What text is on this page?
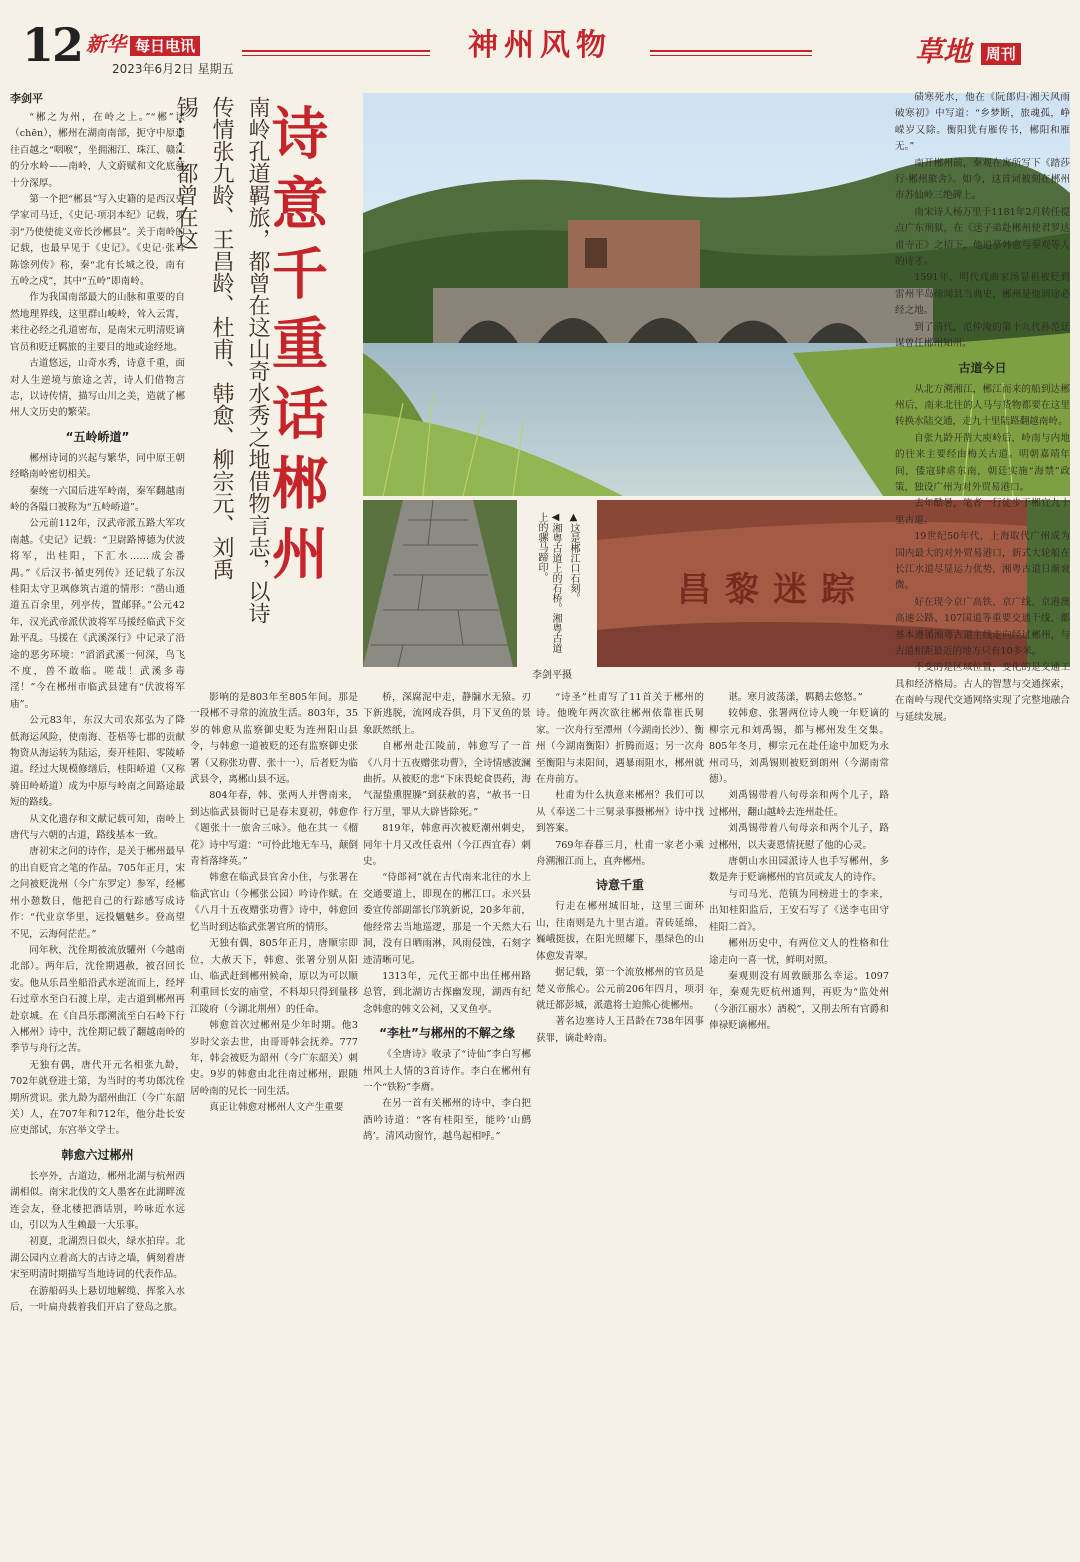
12 新华 每日电讯
2023年6月2日 星期五
神州风物	草地 周刊
诗意千重话郴州
南岭孔道羁旅，都曾在这山奇水秀之地借物言志，以诗传情张九龄、王昌龄、杜甫、韩愈、柳宗元、刘禹锡……都曾在这
▲这是郴江口石刻。
◀湘粤古道上的石桥。湘粤古道上的骡马蹄印。
昌黎迷踪
李剑平摄

李剑平

“郴之为州，在岭之上。”“郴”读（chēn），郴州在湖南南部，扼守中原通往百越之“咽喉”，坐拥湘江、珠江、赣江的分水岭——南岭，人文蔚赋和文化底蕴十分深厚。

第一个把“郴县”写入史籍的是西汉史学家司马迁，《史记·项羽本纪》记载，项羽“乃使使徙义帝长沙郴县”。关于南岭的记载，也最早见于《史记》。《史记·张耳陈馀列传》称，秦“北有长城之役，南有五岭之戍”，其中“五岭”即南岭。

作为我国南部最大的山脉和重要的自然地理界线，这里群山峻岭，耸入云霄，来往必经之孔道密布，是南宋元明清贬谪官员和贬迁羁旅的主要目的地或途经地。

古道悠远，山奇水秀，诗意千重，面对人生逆境与旅途之苦，诗人们借物言志，以诗传情，描写山川之美，造就了郴州人文历史的繁荣。

“五岭峤道”

郴州诗词的兴起与繁华，同中原王朝经略南岭密切相关。

秦统一六国后进军岭南，秦军翻越南岭的各隘口被称为“五岭峤道”。

公元前112年，汉武帝派五路大军攻南越。《史记》记载：“卫尉路博德为伏波将军，出桂阳，下汇水……成会番禺。”《后汉书·循吏列传》还记载了东汉桂阳太守卫飒修筑古道的情形：“凿山通道五百余里，列亭传，置邮驿。”公元42年，汉光武帝派伏波将军马援经临武下交趾平乱。马援在《武溪深行》中记录了沿途的恶劣环境：“滔滔武溪一何深，鸟飞不度，兽不敢临。嗟哉！武溪多毒淫！”今在郴州市临武县建有“伏波将军庙”。

公元83年，东汉大司农郑弘为了降低海运风险，使南海、苍梧等七郡的贡献物资从海运转为陆运，奏开桂阳、零陵峤道。经过大规模修缮后，桂阳峤道（又称骑田岭峤道）成为中原与岭南之间路途最短的路线。

从文化遗存和文献记载可知，南岭上唐代与六朝的古道，路线基本一致。

唐初宋之问的诗作，是关于郴州最早的出自贬官之笔的作品。705年正月，宋之问被贬泷州（今广东罗定）参军，经郴州小憩数日，他把自己的行踪感写成诗作：“代业京华里，远投魑魅乡。登高望不见，云海何茫茫。”

同年秋，沈佺期被流放驩州（今越南北部）。两年后，沈佺期遇赦，被召回长安。他从乐昌坐船沿武水逆流而上，经坪石过章水至白石渡上岸，走古道到郴州再赴京城。在《自昌乐郡溯流至白石岭下行入郴州》诗中，沈佺期记载了翻越南岭的季节与舟行之苦。

无独有偶，唐代开元名相张九龄，702年就登进士第，为当时的考功郎沈佺期所赏识。张九龄为韶州曲江（今广东韶关）人，在707年和712年，他分赴长安应吏部试，东宫举文学士。

韩愈六过郴州

长亭外，古道边，郴州北湖与杭州西湖相似。南宋北伐的文人墨客在此湖畔流连会友，登北楼把酒话别，吟咏近水远山，引以为人生赖最一大乐事。

初夏，北湖烈日似火，绿水拍岸。北湖公园内立着高大的古诗之墙，俩刻着唐宋至明清时期描写当地诗词的代表作品。

在游船码头上悬切地解缆、挥浆入水后，一叶扁舟载着我们开启了登岛之旅。

影响的是803年至805年间。那是一段郴不寻常的流放生活。803年，35岁的韩愈从监察御史贬为连州阳山县令，与韩愈一道被贬的还有监察御史张署（又称张功曹、张十一），后者贬为临武县令，离郴山县不远。

804年春，韩、张两人并辔南来，到达临武县衙时已是春末夏初，韩愈作《题张十一旅舍三咏》。他在其一《榴花》诗中写道：“可怜此地无车马，颠倒青苔落绛英。”

韩愈在临武县官舍小住，与张署在临武官山（今郴张公园）吟诗作赋。在《八月十五夜赠张功曹》诗中，韩愈回忆当时到达临武张署官所的情形。

无独有偶，805年正月，唐顺宗即位，大赦天下，韩愈、张署分别从阳山、临武赶到郴州候命，原以为可以顺利重回长安的庙堂，不料却只得到量移江陵府（今湖北荆州）的任命。

韩愈首次过郴州是少年时期。他3岁时父亲去世，由哥哥韩会抚养。777年，韩会被贬为韶州（今广东韶关）刺史。9岁的韩愈由北往南过郴州，跟随居岭南的兄长一同生活。

真正让韩愈对郴州人文产生重要

桥，深腐泥中走，静牖水无猿。刃下新逃脱，流网成吞俱，月下叉鱼的景象跃然纸上。

自郴州赴江陵前，韩愈写了一首《八月十五夜赠张功曹》，全诗情感波澜曲折。从被贬的悲“下床畏蛇食畏药，海气湿蛰熏腥臊”到获赦的喜，“赦书一日行万里，罪从大辟皆除死。”

819年，韩愈再次被贬潮州刺史，同年十月又改任袁州（今江西宜春）刺史。

“侍郎祠”就在古代南来北往的水上交通要道上，即现在的郴江口。永兴县委宣传部副部长邝筑新说，20多年前，他经常去当地巡逻，那是一个天然大石洞，没有日晒雨淋，风雨侵蚀，石刻字迹清晰可见。

1313年，元代王都中出任郴州路总管，到北湖访古探幽发现，湖西有纪念韩愈的韩文公祠，又叉鱼亭。

“李杜”与郴州的不解之缘

《全唐诗》收录了“诗仙”李白写郴州风土人情的3首诗作。李白在郴州有一个“铁粉”李膺。

在另一首有关郴州的诗中，李白把酒吟诗道：“客有桂阳至，能吟‘山鹧鸪’。清风动窗竹，越鸟起相呼。”

“诗圣”杜甫写了11首关于郴州的诗。他晚年两次欲往郴州依靠崔氏舅家。一次舟行至潭州（今湖南长沙）、衡州（今湖南衡阳）折腾而返；另一次舟至衡阳与耒阳间，遇暴雨阻水，郴州就在舟前方。

杜甫为什么执意来郴州？我们可以从《奉送二十三舅录事摄郴州》诗中找到答案。

769年春暮三月，杜甫一家老小乘舟溯湘江而上，直奔郴州。

诗意千重

行走在郴州城旧址，这里三面环山，往南则是九十里古道。青砖延绵，巍峨挺拔，在阳光照耀下，墨绿色的山体愈发青翠。

据记载，第一个流放郴州的官员是楚义帝熊心。公元前206年四月，项羽就迁都彭城，派遣将士迫熊心徙郴州。

著名边塞诗人王昌龄在738年因事获罪，谪赴岭南。

谌。寒月波荡漾，羁鹅去悠悠。”

较韩愈、张署两位诗人晚一年贬谪的柳宗元和刘禹锡，都与郴州发生交集。805年冬月，柳宗元在赴任途中加贬为永州司马，刘禹锡则被贬到朗州（今湖南常德）。

刘禹锡带着八旬母亲和两个儿子，路过郴州，翻山越岭去连州赴任。

刘禹锡带着八旬母亲和两个儿子，路过郴州，以夫妻恩情抚慰了他的心灵。

唐朝山水田园派诗人也手写郴州，多数是奔于贬谪郴州的官员或友人的诗作。

与司马光、范镇为同榜进士的李来，出知桂阳监后，王安石写了《送李屯田守桂阳二首》。

郴州历史中，有两位文人的性格和仕途走向一喜一忧，鲜明对照。

秦观则没有周敦颐那么幸运。1097年，秦观先贬杭州通判，再贬为“监处州（今浙江丽水）酒税”，又削去所有官爵和俸禄贬谪郴州。

碛寒死水，他在《阮郎归·湘天风雨破寒初》中写道：“乡梦断，旅魂孤，峥嵘岁又除。衡阳犹有雁传书，郴阳和雁无。”

南开郴州前，秦观在寓所写下《踏莎行·郴州旅舍》。如今，这首词被刻在郴州市苏仙岭三绝碑上。

南宋诗人杨万里于1181年2月转任提点广东刑狱，在《送子弟赴郴州使君罗达甫寺正》之招下，他追慕韩愈与秦观等人的诗才。

1591年，明代戏曲家汤显祖被贬到雷州半岛徐闻县当典史，郴州是他调途必经之地。

到了清代，范仲淹的第十九代孙范廷谋曾任郴州知州。

古道今日

从北方溯湘江，郴江而来的船到达郴州后，南来北往的人马与货物都要在这里转换水陆交通，走九十里陆路翻越南岭。

自张九龄开凿大庾岭后，岭南与内地的往来主要经由梅关古道。明朝嘉靖年间，倭寇肆虐东南，朝廷实施“海禁”政策，独设广州为对外贸易港口。

去年酷暑，笔者一行徒步于郴宜九十里古道。

19世纪50年代，上海取代广州成为国内最大的对外贸易港口，新式大轮船在长江水道尽显运力优势，湘粤古道日渐衰微。

好在现今京广高铁、京广线、京港澳高速公路、107国道等重要交通干线，都基本遵循湘粤古道主线走向经过郴州，与古道相距最近的地方只有10多米。

不变的是区域位置，变化的是交通工具和经济格局。古人的智慧与交通探索，在南岭与现代交通网络实现了完整地融合与延续发展。
